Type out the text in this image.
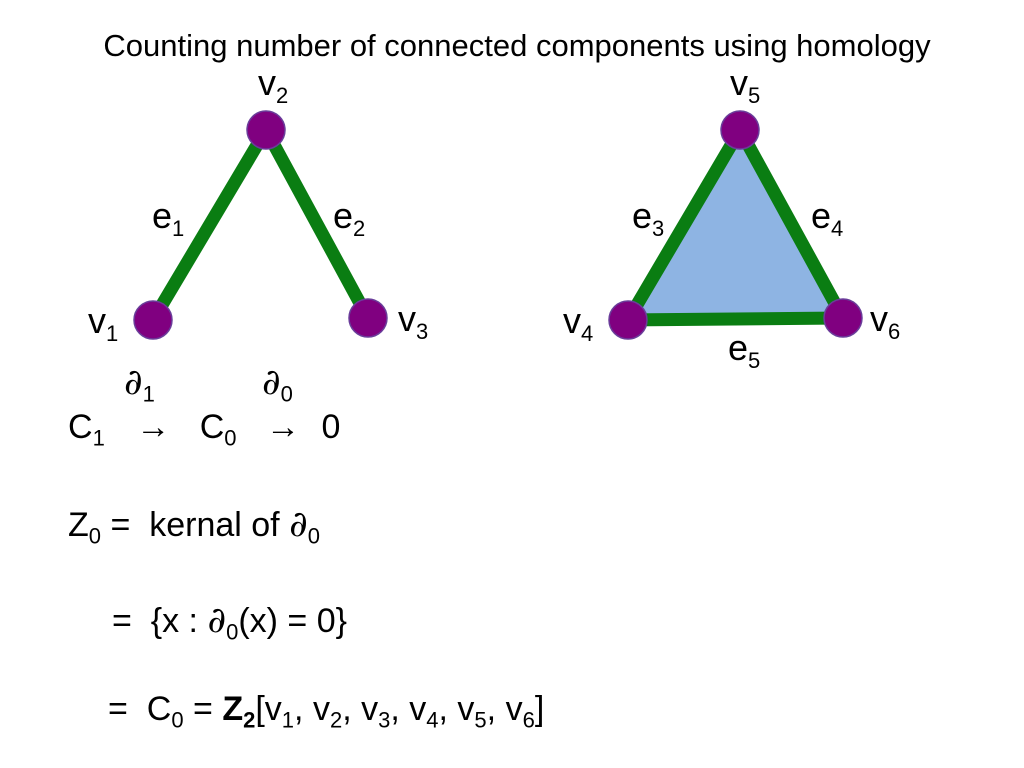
Counting number of connected components using homology
$v_1$
$v_2$
$v_3$	$v_4$
$v_5$
$v_6$
$e_1$	$e_2$	$e_3$	$e_4$
$e_5$
$\partial_1$	$\partial_0$
$C_1 \to C_0 \to 0$
$Z_0$ =  kernal of $\partial_0$
=  {x : $\partial_0(x) = 0$}
=  $C_0 = Z_2[v_1$, $v_2$, $v_3$, $v_4$, $v_5$, $v_6$]
